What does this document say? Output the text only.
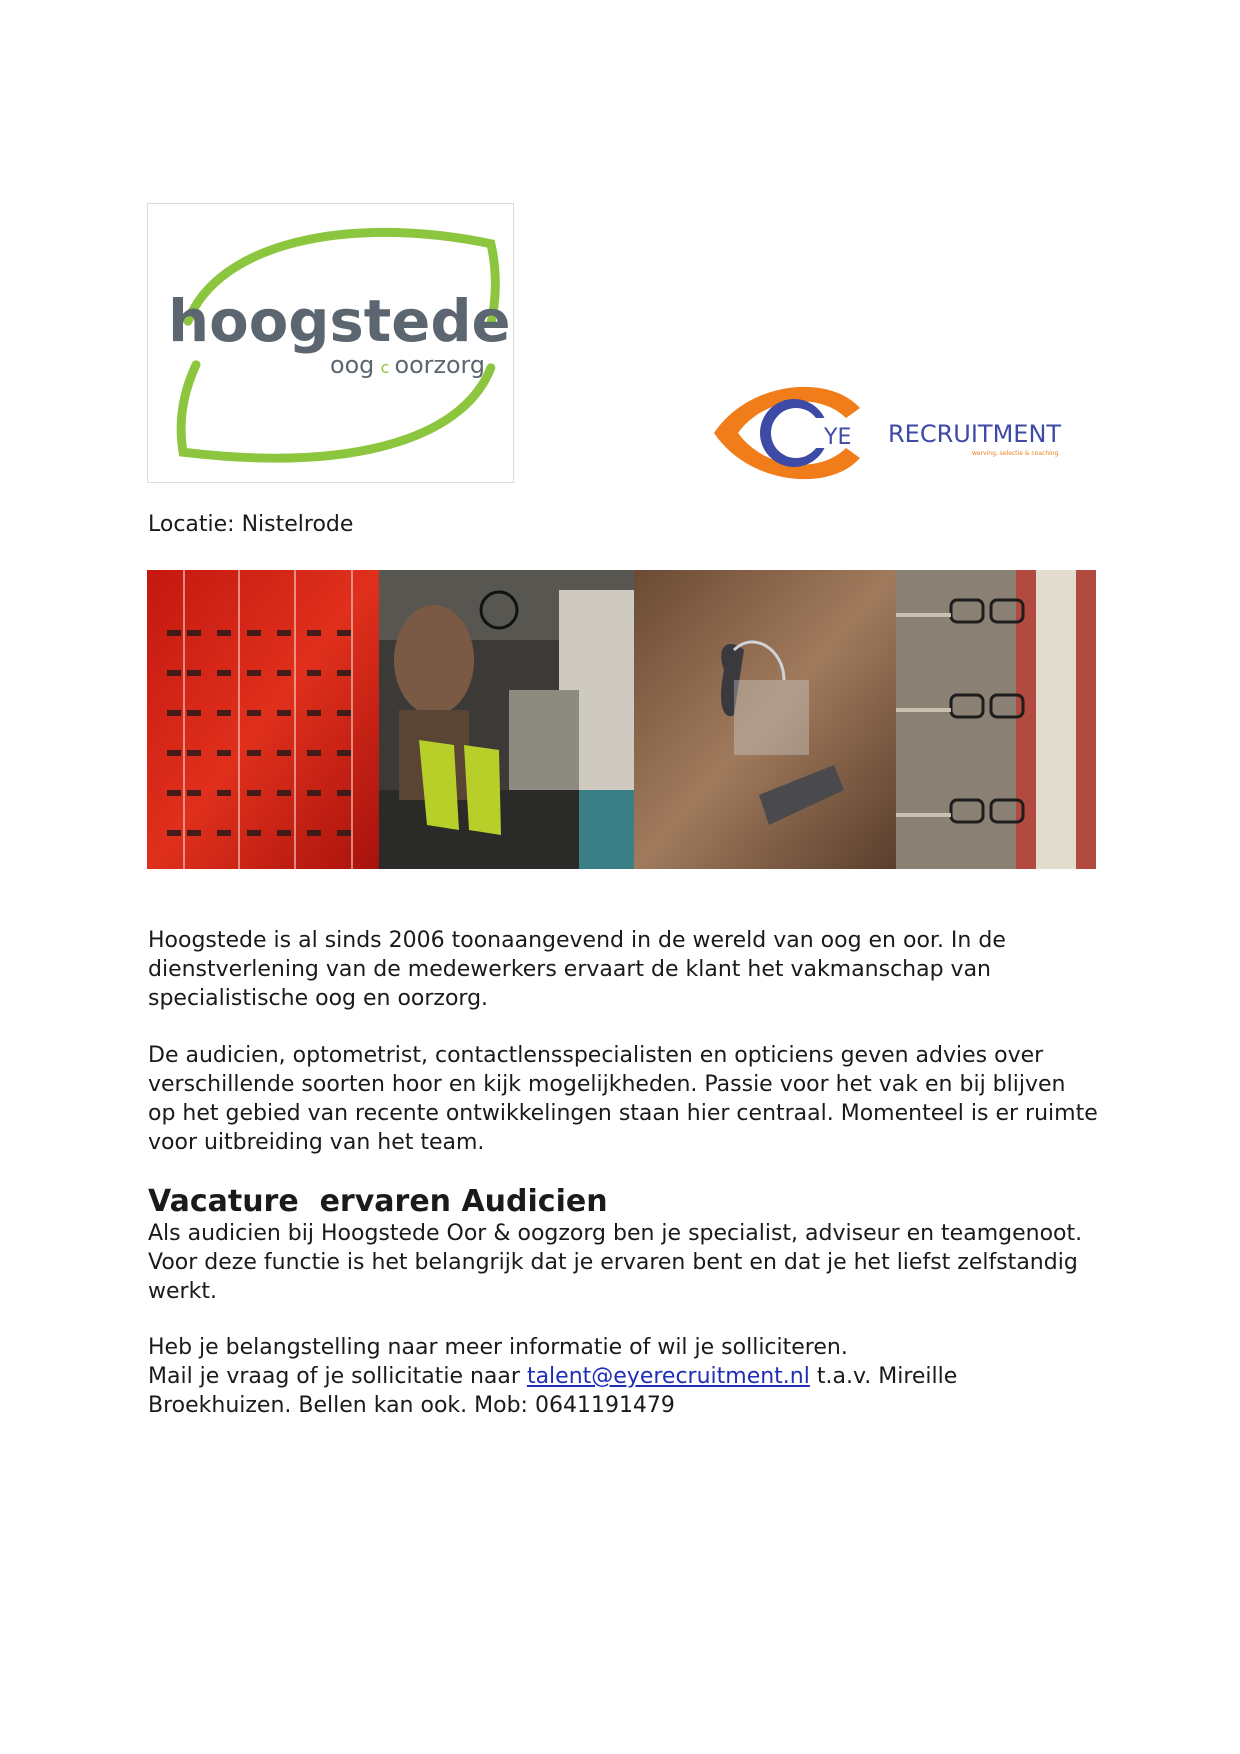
hoogstede
oog c oorzorg
YE RECRUITMENT
werving, selectie & coaching

Locatie: Nistelrode

Hoogstede is al sinds 2006 toonaangevend in de wereld van oog en oor. In de dienstverlening van de medewerkers ervaart de klant het vakmanschap van specialistische oog en oorzorg.

De audicien, optometrist, contactlensspecialisten en opticiens geven advies over verschillende soorten hoor en kijk mogelijkheden. Passie voor het vak en bij blijven op het gebied van recente ontwikkelingen staan hier centraal. Momenteel is er ruimte voor uitbreiding van het team.

Vacature  ervaren Audicien

Als audicien bij Hoogstede Oor & oogzorg ben je specialist, adviseur en teamgenoot. Voor deze functie is het belangrijk dat je ervaren bent en dat je het liefst zelfstandig werkt.

Heb je belangstelling naar meer informatie of wil je solliciteren.
Mail je vraag of je sollicitatie naar talent@eyerecruitment.nl t.a.v. Mireille Broekhuizen. Bellen kan ook. Mob: 0641191479
